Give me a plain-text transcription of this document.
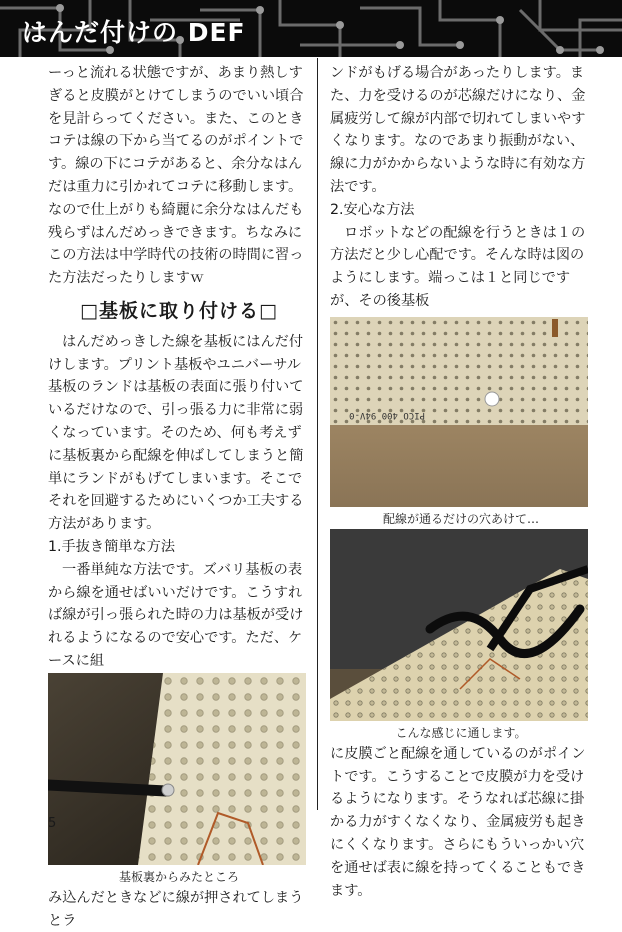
はんだ付けの DEF

ーっと流れる状態ですが、あまり熱しすぎると皮膜がとけてしまうのでいい頃合を見計らってください。また、このときコテは線の下から当てるのがポイントです。線の下にコテがあると、余分なはんだは重力に引かれてコテに移動します。なので仕上がりも綺麗に余分なはんだも残らずはんだめっきできます。ちなみにこの方法は中学時代の技術の時間に習った方法だったりしますｗ

□基板に取り付ける□

はんだめっきした線を基板にはんだ付けします。プリント基板やユニバーサル基板のランドは基板の表面に張り付いているだけなので、引っ張る力に非常に弱くなっています。そのため、何も考えずに基板裏から配線を伸ばしてしまうと簡単にランドがもげてしまいます。そこでそれを回避するためにいくつか工夫する方法があります。

1.手抜き簡単な方法

一番単純な方法です。ズバリ基板の表から線を通せばいいだけです。こうすれば線が引っ張られた時の力は基板が受けれるようになるので安心です。ただ、ケースに組

基板裏からみたところ

み込んだときなどに線が押されてしまうとラ

ンドがもげる場合があったりします。また、力を受けるのが芯線だけになり、金属疲労して線が内部で切れてしまいやすくなります。なのであまり振動がない、線に力がかからないような時に有効な方法です。

2.安心な方法

ロボットなどの配線を行うときは１の方法だと少し心配です。そんな時は図のようにします。端っこは１と同じですが、その後基板

PICO 400 94V-0

配線が通るだけの穴あけて…

こんな感じに通します。

に皮膜ごと配線を通しているのがポイントです。こうすることで皮膜が力を受けるようになります。そうなれば芯線に掛かる力がすくなくなり、金属疲労も起きにくくなります。さらにもういっかい穴を通せば表に線を持ってくることもできます。

5
